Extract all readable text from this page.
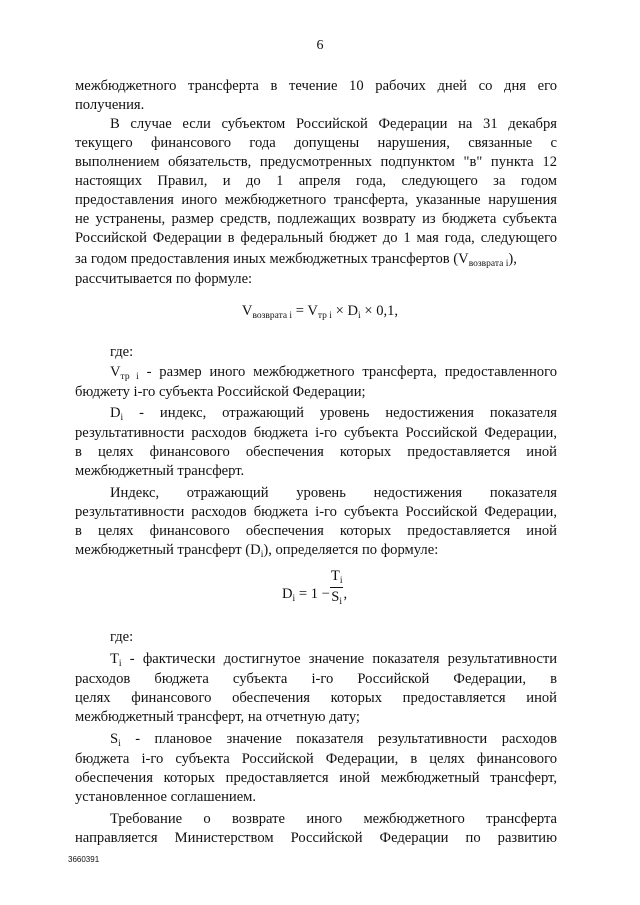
6
межбюджетного трансферта в течение 10 рабочих дней со дня его
получения.
В случае если субъектом Российской Федерации на 31 декабря
текущего финансового года допущены нарушения, связанные с
выполнением обязательств, предусмотренных подпунктом "в" пункта 12
настоящих Правил, и до 1 апреля года, следующего за годом
предоставления иного межбюджетного трансферта, указанные нарушения
не устранены, размер средств, подлежащих возврату из бюджета субъекта
Российской Федерации в федеральный бюджет до 1 мая года, следующего
за годом предоставления иных межбюджетных трансфертов $(V_{возврата i})$,
рассчитывается по формуле:
$V_{возврата i} = V_{тр i} \times D_i \times 0,1$,
где:
$V_{тр i}$ - размер иного межбюджетного трансферта, предоставленного
бюджету i-го субъекта Российской Федерации;
$D_i$ - индекс, отражающий уровень недостижения показателя
результативности расходов бюджета i-го субъекта Российской Федерации,
в целях финансового обеспечения которых предоставляется иной
межбюджетный трансферт.
Индекс, отражающий уровень недостижения показателя
результативности расходов бюджета i-го субъекта Российской Федерации,
в целях финансового обеспечения которых предоставляется иной
межбюджетный трансферт $(D_i)$, определяется по формуле:
$D_i = 1 - \frac{T_i}{S_i}$ ,
где:
$T_i$ - фактически достигнутое значение показателя результативности
расходов бюджета субъекта i-го Российской Федерации, в
целях финансового обеспечения которых предоставляется иной
межбюджетный трансферт, на отчетную дату;
$S_i$ - плановое значение показателя результативности расходов
бюджета i-го субъекта Российской Федерации, в целях финансового
обеспечения которых предоставляется иной межбюджетный трансферт,
установленное соглашением.
Требование о возврате иного межбюджетного трансферта
направляется Министерством Российской Федерации по развитию
3660391
